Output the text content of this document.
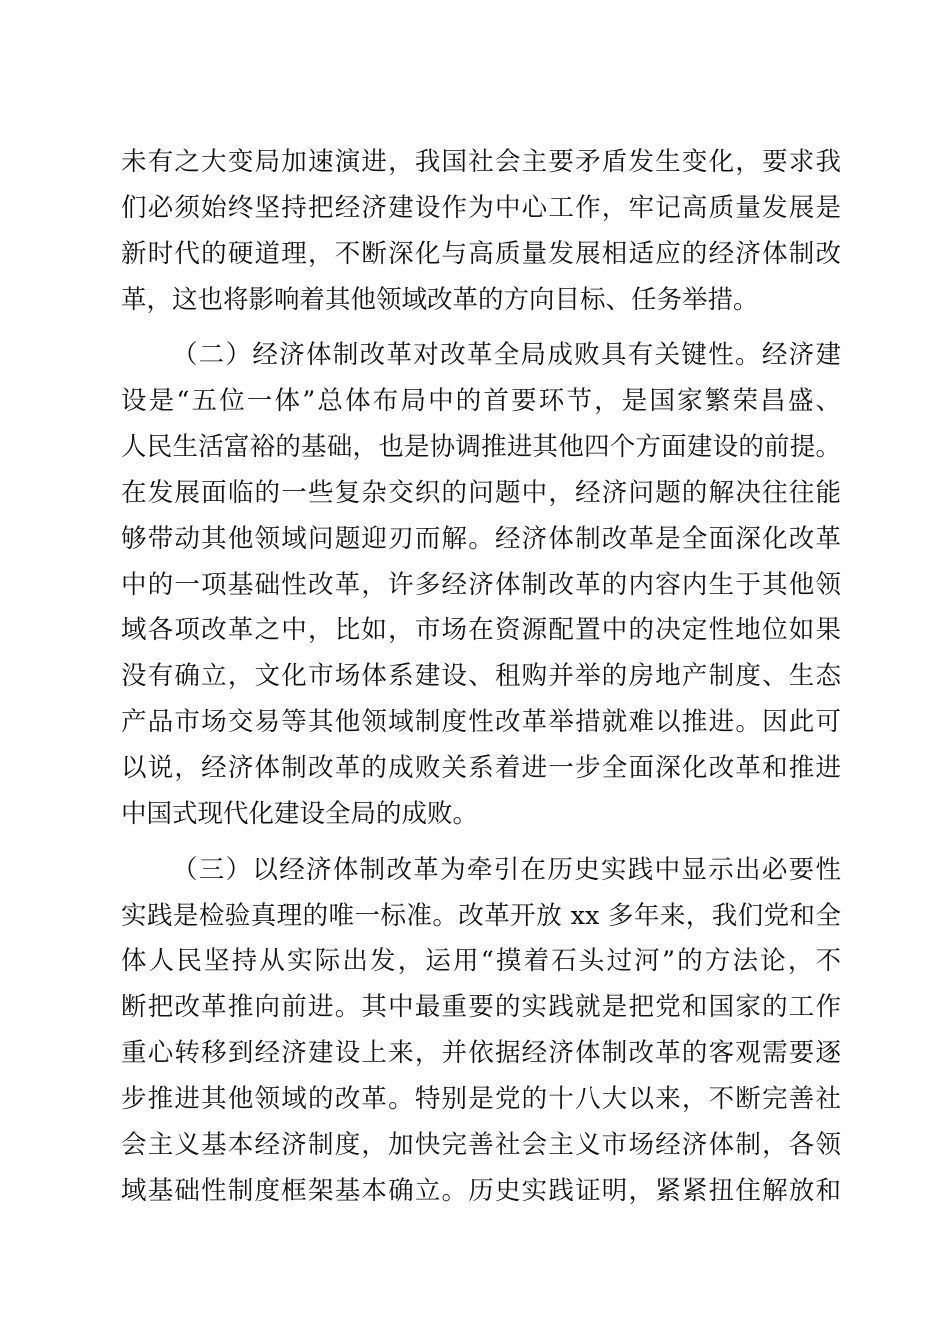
未有之大变局加速演进，我国社会主要矛盾发生变化，要求我
们必须始终坚持把经济建设作为中心工作，牢记高质量发展是
新时代的硬道理，不断深化与高质量发展相适应的经济体制改
革，这也将影响着其他领域改革的方向目标、任务举措。
（二）经济体制改革对改革全局成败具有关键性。经济建
设是“五位一体”总体布局中的首要环节，是国家繁荣昌盛、
人民生活富裕的基础，也是协调推进其他四个方面建设的前提。
在发展面临的一些复杂交织的问题中，经济问题的解决往往能
够带动其他领域问题迎刃而解。经济体制改革是全面深化改革
中的一项基础性改革，许多经济体制改革的内容内生于其他领
域各项改革之中，比如，市场在资源配置中的决定性地位如果
没有确立，文化市场体系建设、租购并举的房地产制度、生态
产品市场交易等其他领域制度性改革举措就难以推进。因此可
以说，经济体制改革的成败关系着进一步全面深化改革和推进
中国式现代化建设全局的成败。
（三）以经济体制改革为牵引在历史实践中显示出必要性
实践是检验真理的唯一标准。改革开放 xx 多年来，我们党和全
体人民坚持从实际出发，运用“摸着石头过河”的方法论，不
断把改革推向前进。其中最重要的实践就是把党和国家的工作
重心转移到经济建设上来，并依据经济体制改革的客观需要逐
步推进其他领域的改革。特别是党的十八大以来，不断完善社
会主义基本经济制度，加快完善社会主义市场经济体制，各领
域基础性制度框架基本确立。历史实践证明，紧紧扭住解放和
